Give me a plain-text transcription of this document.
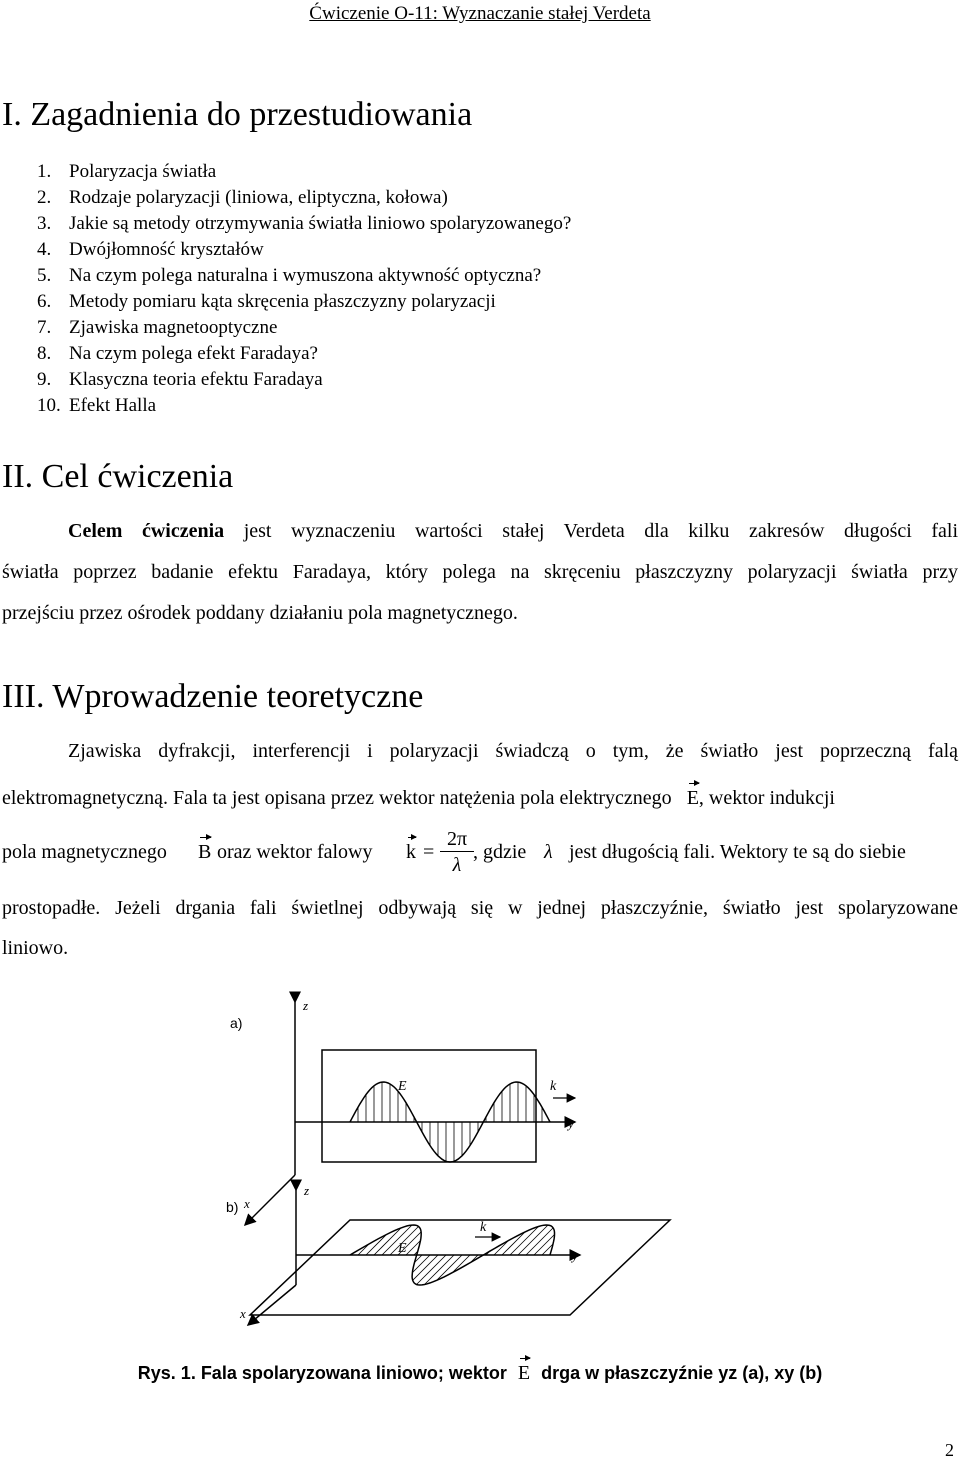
Ćwiczenie O-11: Wyznaczanie stałej Verdeta
I. Zagadnienia do przestudiowania
1. Polaryzacja światła
2. Rodzaje polaryzacji (liniowa, eliptyczna, kołowa)
3. Jakie są metody otrzymywania światła liniowo spolaryzowanego?
4. Dwójłomność kryształów
5. Na czym polega naturalna i wymuszona aktywność optyczna?
6. Metody pomiaru kąta skręcenia płaszczyzny polaryzacji
7. Zjawiska magnetooptyczne
8. Na czym polega efekt Faradaya?
9. Klasyczna teoria efektu Faradaya
10. Efekt Halla
II. Cel ćwiczenia
Celem ćwiczenia jest wyznaczeniu wartości stałej Verdeta dla kilku zakresów długości fali
światła poprzez badanie efektu Faradaya, który polega na skręceniu płaszczyzny polaryzacji światła przy
przejściu przez ośrodek poddany działaniu pola magnetycznego.
III. Wprowadzenie teoretyczne
Zjawiska dyfrakcji, interferencji i polaryzacji świadczą o tym, że światło jest poprzeczną falą
elektromagnetyczną. Fala ta jest opisana przez wektor natężenia pola elektrycznego E, wektor indukcji
pola magnetycznego	B oraz wektor falowy $k = \frac{2\pi}{\lambda}$ , gdzie λ jest długością fali. Wektory te są do siebie
prostopadłe. Jeżeli drgania fali świetlnej odbywają się w jednej płaszczyźnie, światło jest spolaryzowane
liniowo.
a)
z
x
y
k
E
b)
z
x
y
k
E
Rys. 1. Fala spolaryzowana liniowo; wektor E drga w płaszczyźnie yz (a), xy (b)
2
